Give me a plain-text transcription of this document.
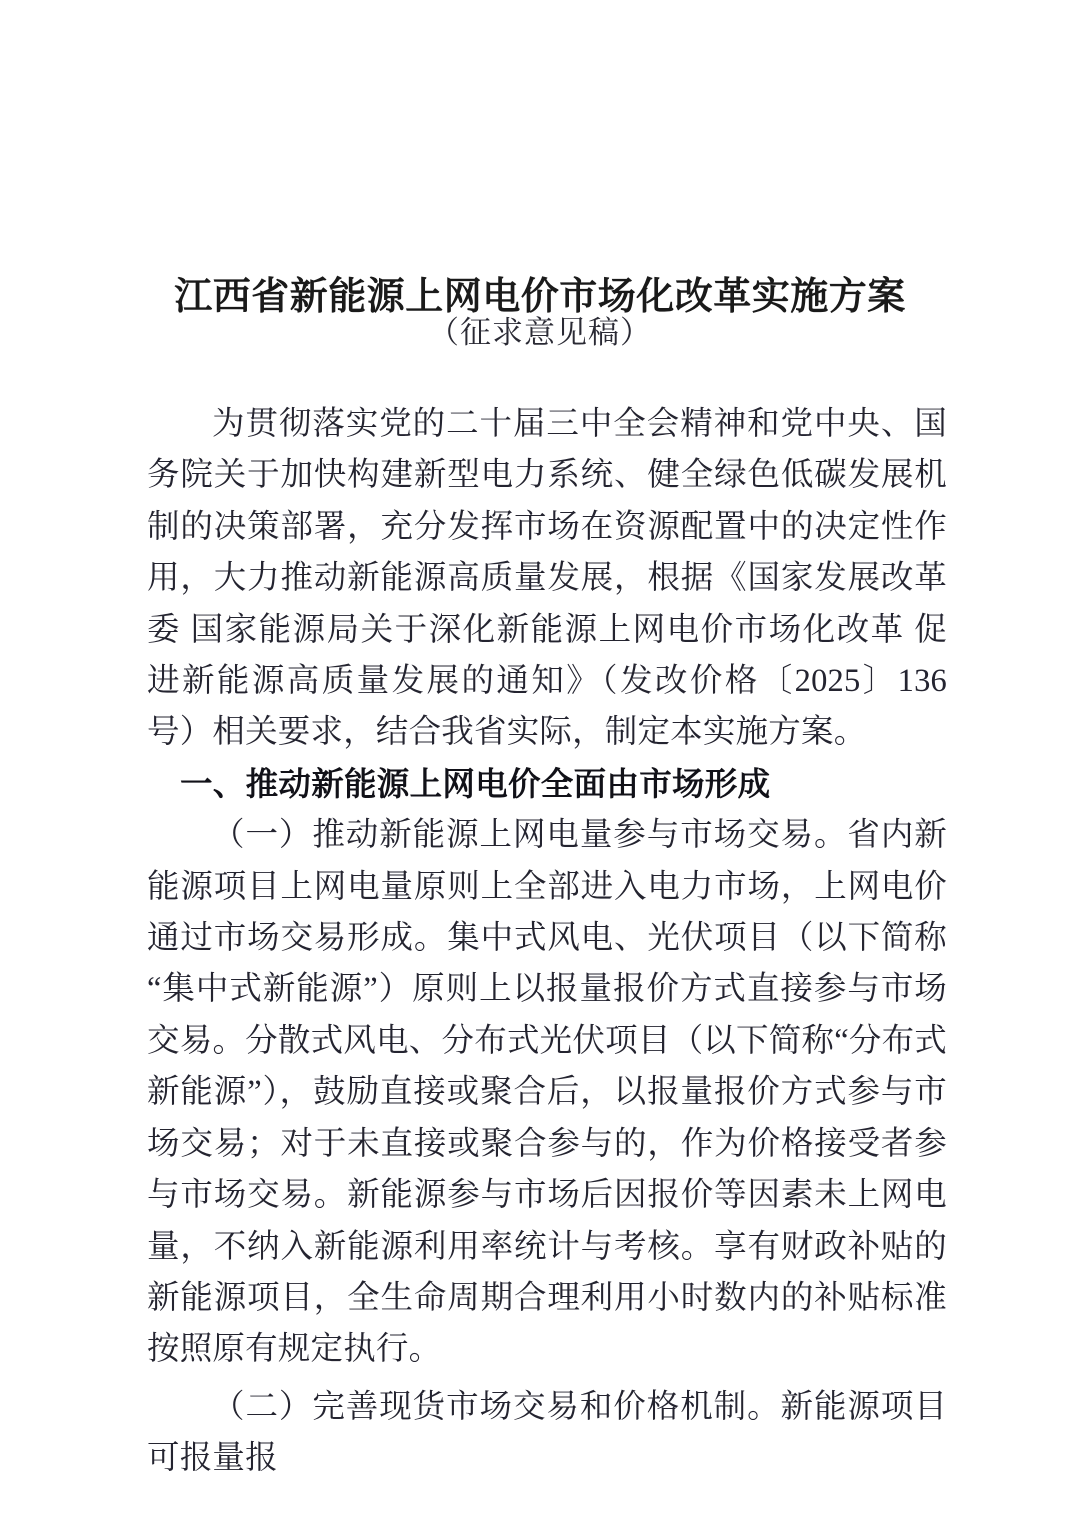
江西省新能源上网电价市场化改革实施方案
（征求意见稿）

为贯彻落实党的二十届三中全会精神和党中央、国务院关于加快构建新型电力系统、健全绿色低碳发展机制的决策部署，充分发挥市场在资源配置中的决定性作用，大力推动新能源高质量发展，根据《国家发展改革委 国家能源局关于深化新能源上网电价市场化改革 促进新能源高质量发展的通知》（发改价格〔2025〕136 号）相关要求，结合我省实际，制定本实施方案。

一、推动新能源上网电价全面由市场形成

（一）推动新能源上网电量参与市场交易。省内新能源项目上网电量原则上全部进入电力市场，上网电价通过市场交易形成。集中式风电、光伏项目（以下简称“集中式新能源”）原则上以报量报价方式直接参与市场交易。分散式风电、分布式光伏项目（以下简称“分布式新能源”），鼓励直接或聚合后，以报量报价方式参与市场交易；对于未直接或聚合参与的，作为价格接受者参与市场交易。新能源参与市场后因报价等因素未上网电量，不纳入新能源利用率统计与考核。享有财政补贴的新能源项目，全生命周期合理利用小时数内的补贴标准按照原有规定执行。

（二）完善现货市场交易和价格机制。新能源项目可报量报
